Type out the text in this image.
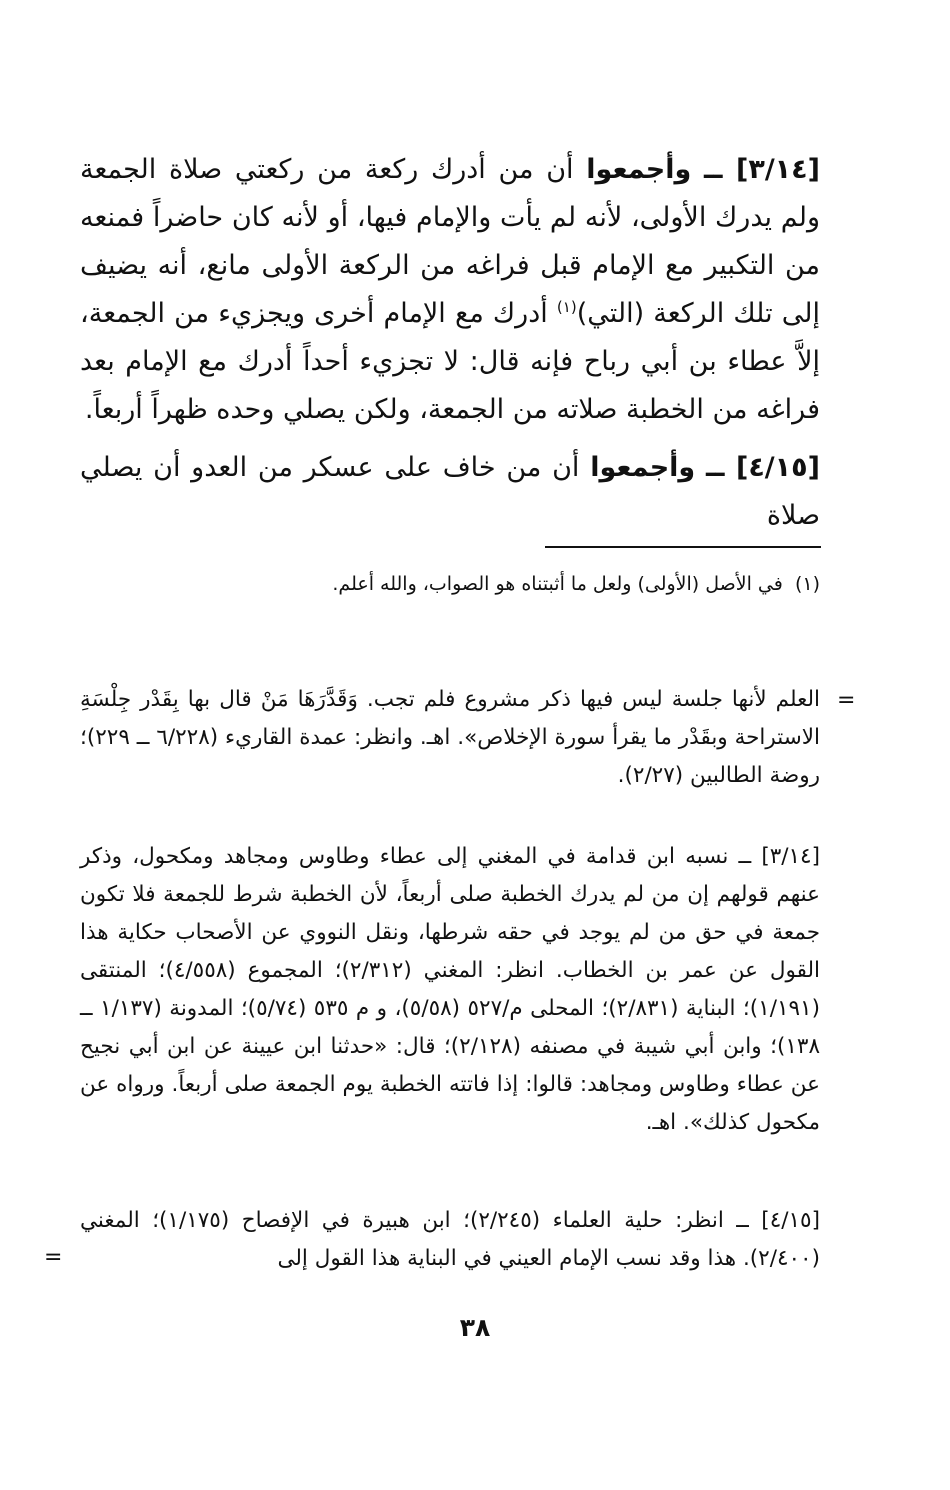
[٣/١٤] ــ وأجمعوا أن من أدرك ركعة من ركعتي صلاة الجمعة ولم يدرك الأولى، لأنه لم يأت والإمام فيها، أو لأنه كان حاضراً فمنعه من التكبير مع الإمام قبل فراغه من الركعة الأولى مانع، أنه يضيف إلى تلك الركعة (التي)$^{(١)}$ أدرك مع الإمام أخرى ويجزيء من الجمعة، إلاَّ عطاء بن أبي رباح فإنه قال: لا تجزيء أحداً أدرك مع الإمام بعد فراغه من الخطبة صلاته من الجمعة، ولكن يصلي وحده ظهراً أربعاً.

[٤/١٥] ــ وأجمعوا أن من خاف على عسكر من العدو أن يصلي صلاة

(١)  في الأصل (الأولى) ولعل ما أثبتناه هو الصواب، والله أعلم.
=

العلم لأنها جلسة ليس فيها ذكر مشروع فلم تجب. وَقَدَّرَهَا مَنْ قال بها بِقَدْر جِلْسَةِ الاستراحة وبقَدْر ما يقرأ سورة الإخلاص». اهـ. وانظر: عمدة القاريء (٦/٢٢٨ ــ ٢٢٩)؛ روضة الطالبين (٢/٢٧).

[٣/١٤] ــ نسبه ابن قدامة في المغني إلى عطاء وطاوس ومجاهد ومكحول، وذكر عنهم قولهم إن من لم يدرك الخطبة صلى أربعاً، لأن الخطبة شرط للجمعة فلا تكون جمعة في حق من لم يوجد في حقه شرطها، ونقل النووي عن الأصحاب حكاية هذا القول عن عمر بن الخطاب. انظر: المغني (٢/٣١٢)؛ المجموع (٤/٥٥٨)؛ المنتقى (١/١٩١)؛ البناية (٢/٨٣١)؛ المحلى م/٥٢٧ (٥/٥٨)، و م ٥٣٥ (٥/٧٤)؛ المدونة (١/١٣٧ ــ ١٣٨)؛ وابن أبي شيبة في مصنفه (٢/١٢٨)؛ قال: «حدثنا ابن عيينة عن ابن أبي نجيح عن عطاء وطاوس ومجاهد: قالوا: إذا فاتته الخطبة يوم الجمعة صلى أربعاً. ورواه عن مكحول كذلك». اهـ.

[٤/١٥] ــ انظر: حلية العلماء (٢/٢٤٥)؛ ابن هبيرة في الإفصاح (١/١٧٥)؛ المغني (٢/٤٠٠). هذا وقد نسب الإمام العيني في البناية هذا القول إلى

=
٣٨
